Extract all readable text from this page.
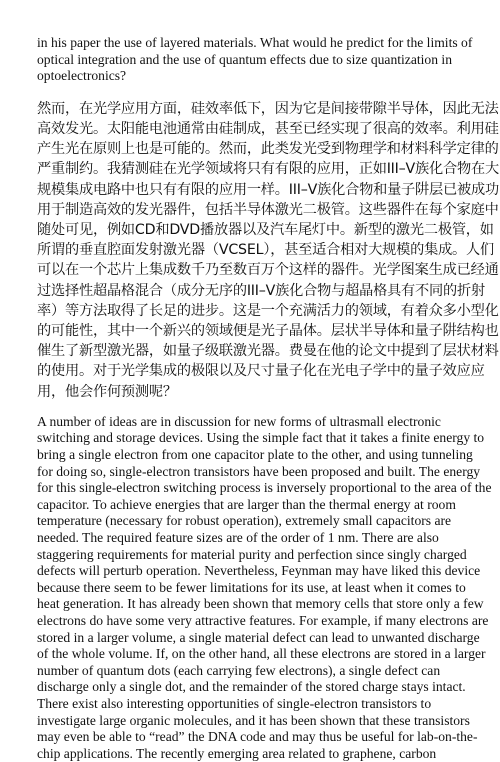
in his paper the use of layered materials. What would he predict for the limits of
optical integration and the use of quantum effects due to size quantization in
optoelectronics?

然而，在光学应用方面，硅效率低下，因为它是间接带隙半导体，因此无法
高效发光。太阳能电池通常由硅制成，甚至已经实现了很高的效率。利用硅
产生光在原则上也是可能的。然而，此类发光受到物理学和材料科学定律的
严重制约。我猜测硅在光学领域将只有有限的应用，正如III–V族化合物在大
规模集成电路中也只有有限的应用一样。III–V族化合物和量子阱层已被成功
用于制造高效的发光器件，包括半导体激光二极管。这些器件在每个家庭中
随处可见，例如CD和DVD播放器以及汽车尾灯中。新型的激光二极管，如
所谓的垂直腔面发射激光器（VCSEL），甚至适合相对大规模的集成。人们
可以在一个芯片上集成数千乃至数百万个这样的器件。光学图案生成已经通
过选择性超晶格混合（成分无序的III–V族化合物与超晶格具有不同的折射
率）等方法取得了长足的进步。这是一个充满活力的领域，有着众多小型化
的可能性，其中一个新兴的领域便是光子晶体。层状半导体和量子阱结构也
催生了新型激光器，如量子级联激光器。费曼在他的论文中提到了层状材料
的使用。对于光学集成的极限以及尺寸量子化在光电子学中的量子效应应
用，他会作何预测呢？

A number of ideas are in discussion for new forms of ultrasmall electronic
switching and storage devices. Using the simple fact that it takes a finite energy to
bring a single electron from one capacitor plate to the other, and using tunneling
for doing so, single-electron transistors have been proposed and built. The energy
for this single-electron switching process is inversely proportional to the area of the
capacitor. To achieve energies that are larger than the thermal energy at room
temperature (necessary for robust operation), extremely small capacitors are
needed. The required feature sizes are of the order of 1 nm. There are also
staggering requirements for material purity and perfection since singly charged
defects will perturb operation. Nevertheless, Feynman may have liked this device
because there seem to be fewer limitations for its use, at least when it comes to
heat generation. It has already been shown that memory cells that store only a few
electrons do have some very attractive features. For example, if many electrons are
stored in a larger volume, a single material defect can lead to unwanted discharge
of the whole volume. If, on the other hand, all these electrons are stored in a larger
number of quantum dots (each carrying few electrons), a single defect can
discharge only a single dot, and the remainder of the stored charge stays intact.
There exist also interesting opportunities of single-electron transistors to
investigate large organic molecules, and it has been shown that these transistors
may even be able to “read” the DNA code and may thus be useful for lab-on-the-
chip applications. The recently emerging area related to graphene, carbon
